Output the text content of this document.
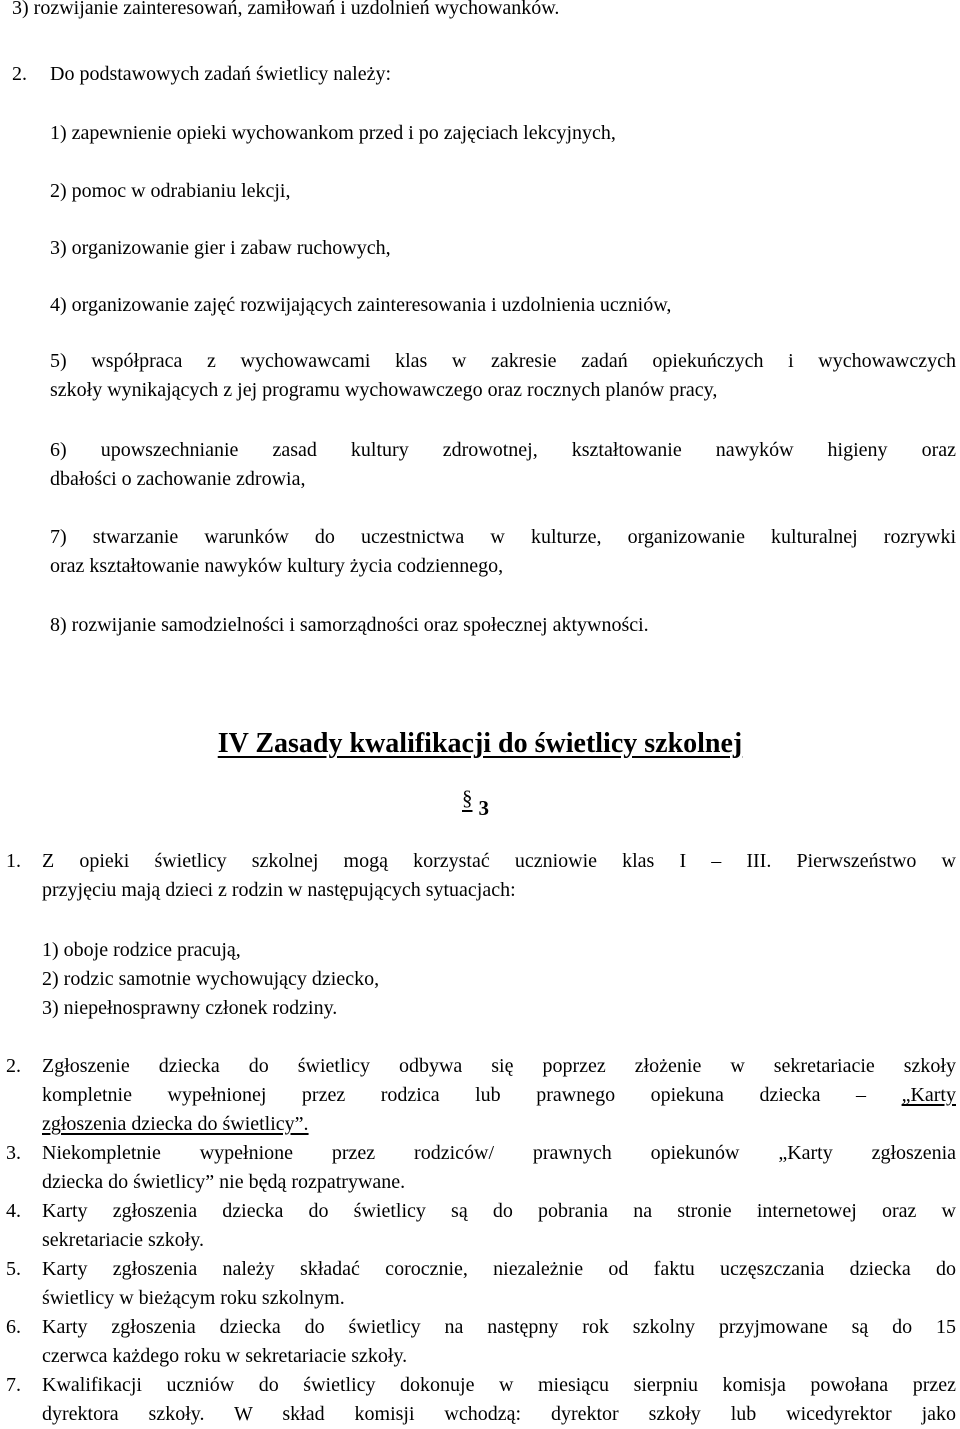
3) rozwijanie zainteresowań, zamiłowań i uzdolnień wychowanków.
2. Do podstawowych zadań świetlicy należy:
1) zapewnienie opieki wychowankom przed i po zajęciach lekcyjnych,
2) pomoc w odrabianiu lekcji,
3) organizowanie gier i zabaw ruchowych,
4) organizowanie zajęć rozwijających zainteresowania i uzdolnienia uczniów,
5) współpraca z wychowawcami klas w zakresie zadań opiekuńczych i wychowawczych
szkoły wynikających z jej programu wychowawczego oraz rocznych planów pracy,
6) upowszechnianie zasad kultury zdrowotnej, kształtowanie nawyków higieny oraz
dbałości o zachowanie zdrowia,
7) stwarzanie warunków do uczestnictwa w kulturze, organizowanie kulturalnej rozrywki
oraz kształtowanie nawyków kultury życia codziennego,
8) rozwijanie samodzielności i samorządności oraz społecznej aktywności.
IV Zasady kwalifikacji do świetlicy szkolnej
§ 3
1. Z opieki świetlicy szkolnej mogą korzystać uczniowie klas I – III. Pierwszeństwo w
przyjęciu mają dzieci z rodzin w następujących sytuacjach:
1) oboje rodzice pracują,
2) rodzic samotnie wychowujący dziecko,
3) niepełnosprawny członek rodziny.
2. Zgłoszenie dziecka do świetlicy odbywa się poprzez złożenie w sekretariacie szkoły
kompletnie wypełnionej przez rodzica lub prawnego opiekuna dziecka – „Karty
zgłoszenia dziecka do świetlicy”.
3. Niekompletnie wypełnione przez rodziców/ prawnych opiekunów „Karty zgłoszenia
dziecka do świetlicy” nie będą rozpatrywane.
4. Karty zgłoszenia dziecka do świetlicy są do pobrania na stronie internetowej oraz w
sekretariacie szkoły.
5. Karty zgłoszenia należy składać corocznie, niezależnie od faktu uczęszczania dziecka do
świetlicy w bieżącym roku szkolnym.
6. Karty zgłoszenia dziecka do świetlicy na następny rok szkolny przyjmowane są do 15
czerwca każdego roku w sekretariacie szkoły.
7. Kwalifikacji uczniów do świetlicy dokonuje w miesiącu sierpniu komisja powołana przez
dyrektora szkoły. W skład komisji wchodzą: dyrektor szkoły lub wicedyrektor jako
